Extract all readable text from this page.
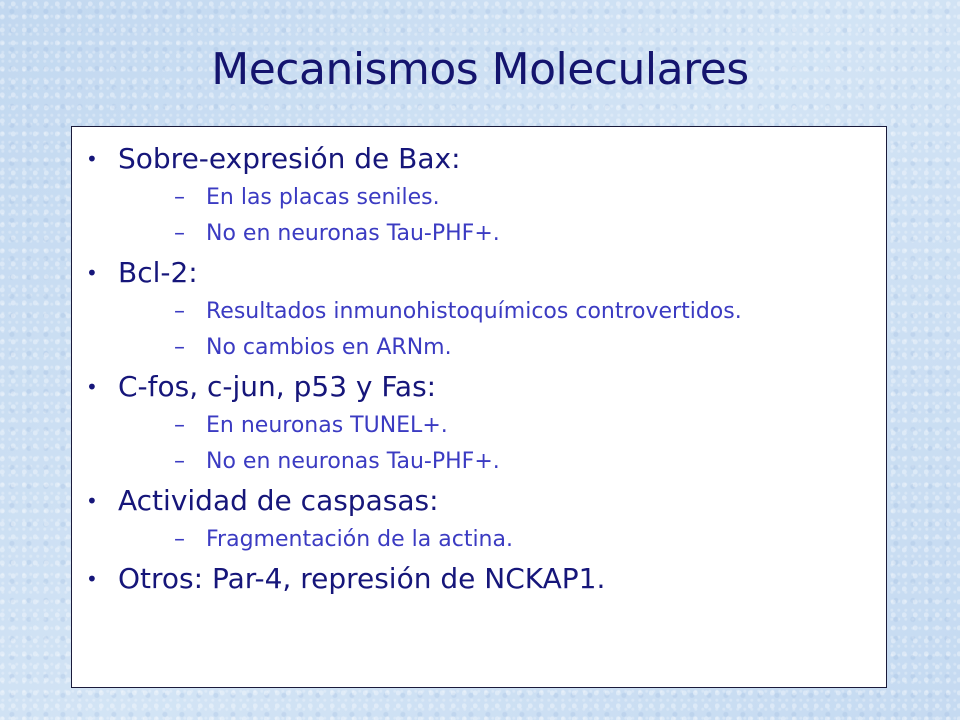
Mecanismos Moleculares
• Sobre-expresión de Bax:
– En las placas seniles.
– No en neuronas Tau-PHF+.
• Bcl-2:
– Resultados inmunohistoquímicos controvertidos.
– No cambios en ARNm.
• C-fos, c-jun, p53 y Fas:
– En neuronas TUNEL+.
– No en neuronas Tau-PHF+.
• Actividad de caspasas:
– Fragmentación de la actina.
• Otros: Par-4, represión de NCKAP1.
